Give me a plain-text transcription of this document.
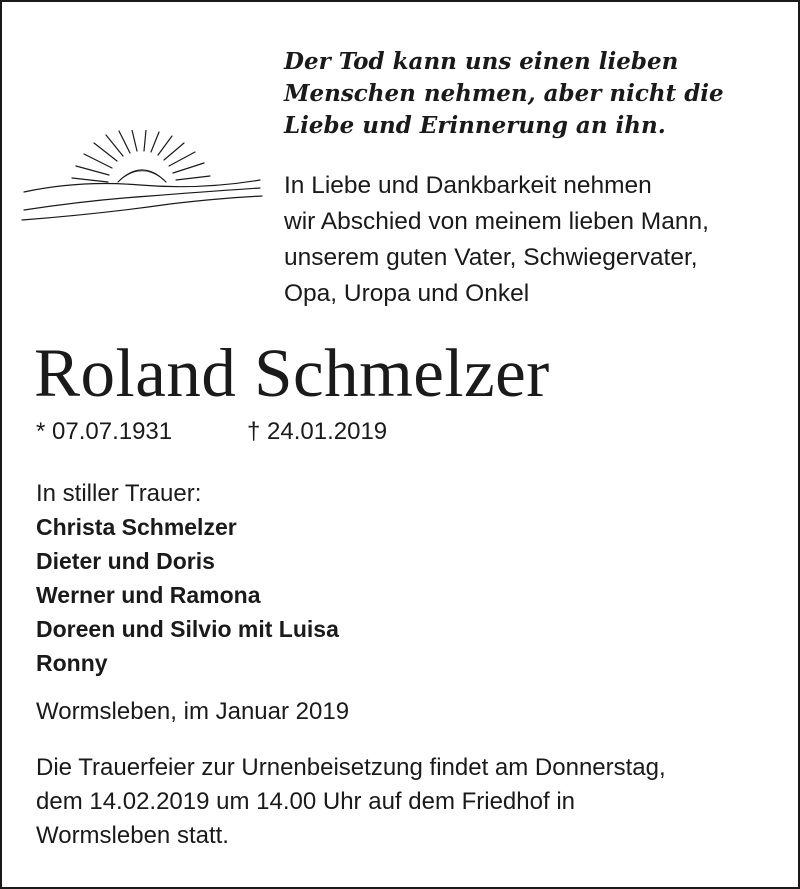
Der Tod kann uns einen lieben
Menschen nehmen, aber nicht die
Liebe und Erinnerung an ihn.
In Liebe und Dankbarkeit nehmen
wir Abschied von meinem lieben Mann,
unserem guten Vater, Schwiegervater,
Opa, Uropa und Onkel
Roland Schmelzer
* 07.07.1931	† 24.01.2019
In stiller Trauer:
Christa Schmelzer
Dieter und Doris
Werner und Ramona
Doreen und Silvio mit Luisa
Ronny
Wormsleben, im Januar 2019
Die Trauerfeier zur Urnenbeisetzung findet am Donnerstag,
dem 14.02.2019 um 14.00 Uhr auf dem Friedhof in
Wormsleben statt.
